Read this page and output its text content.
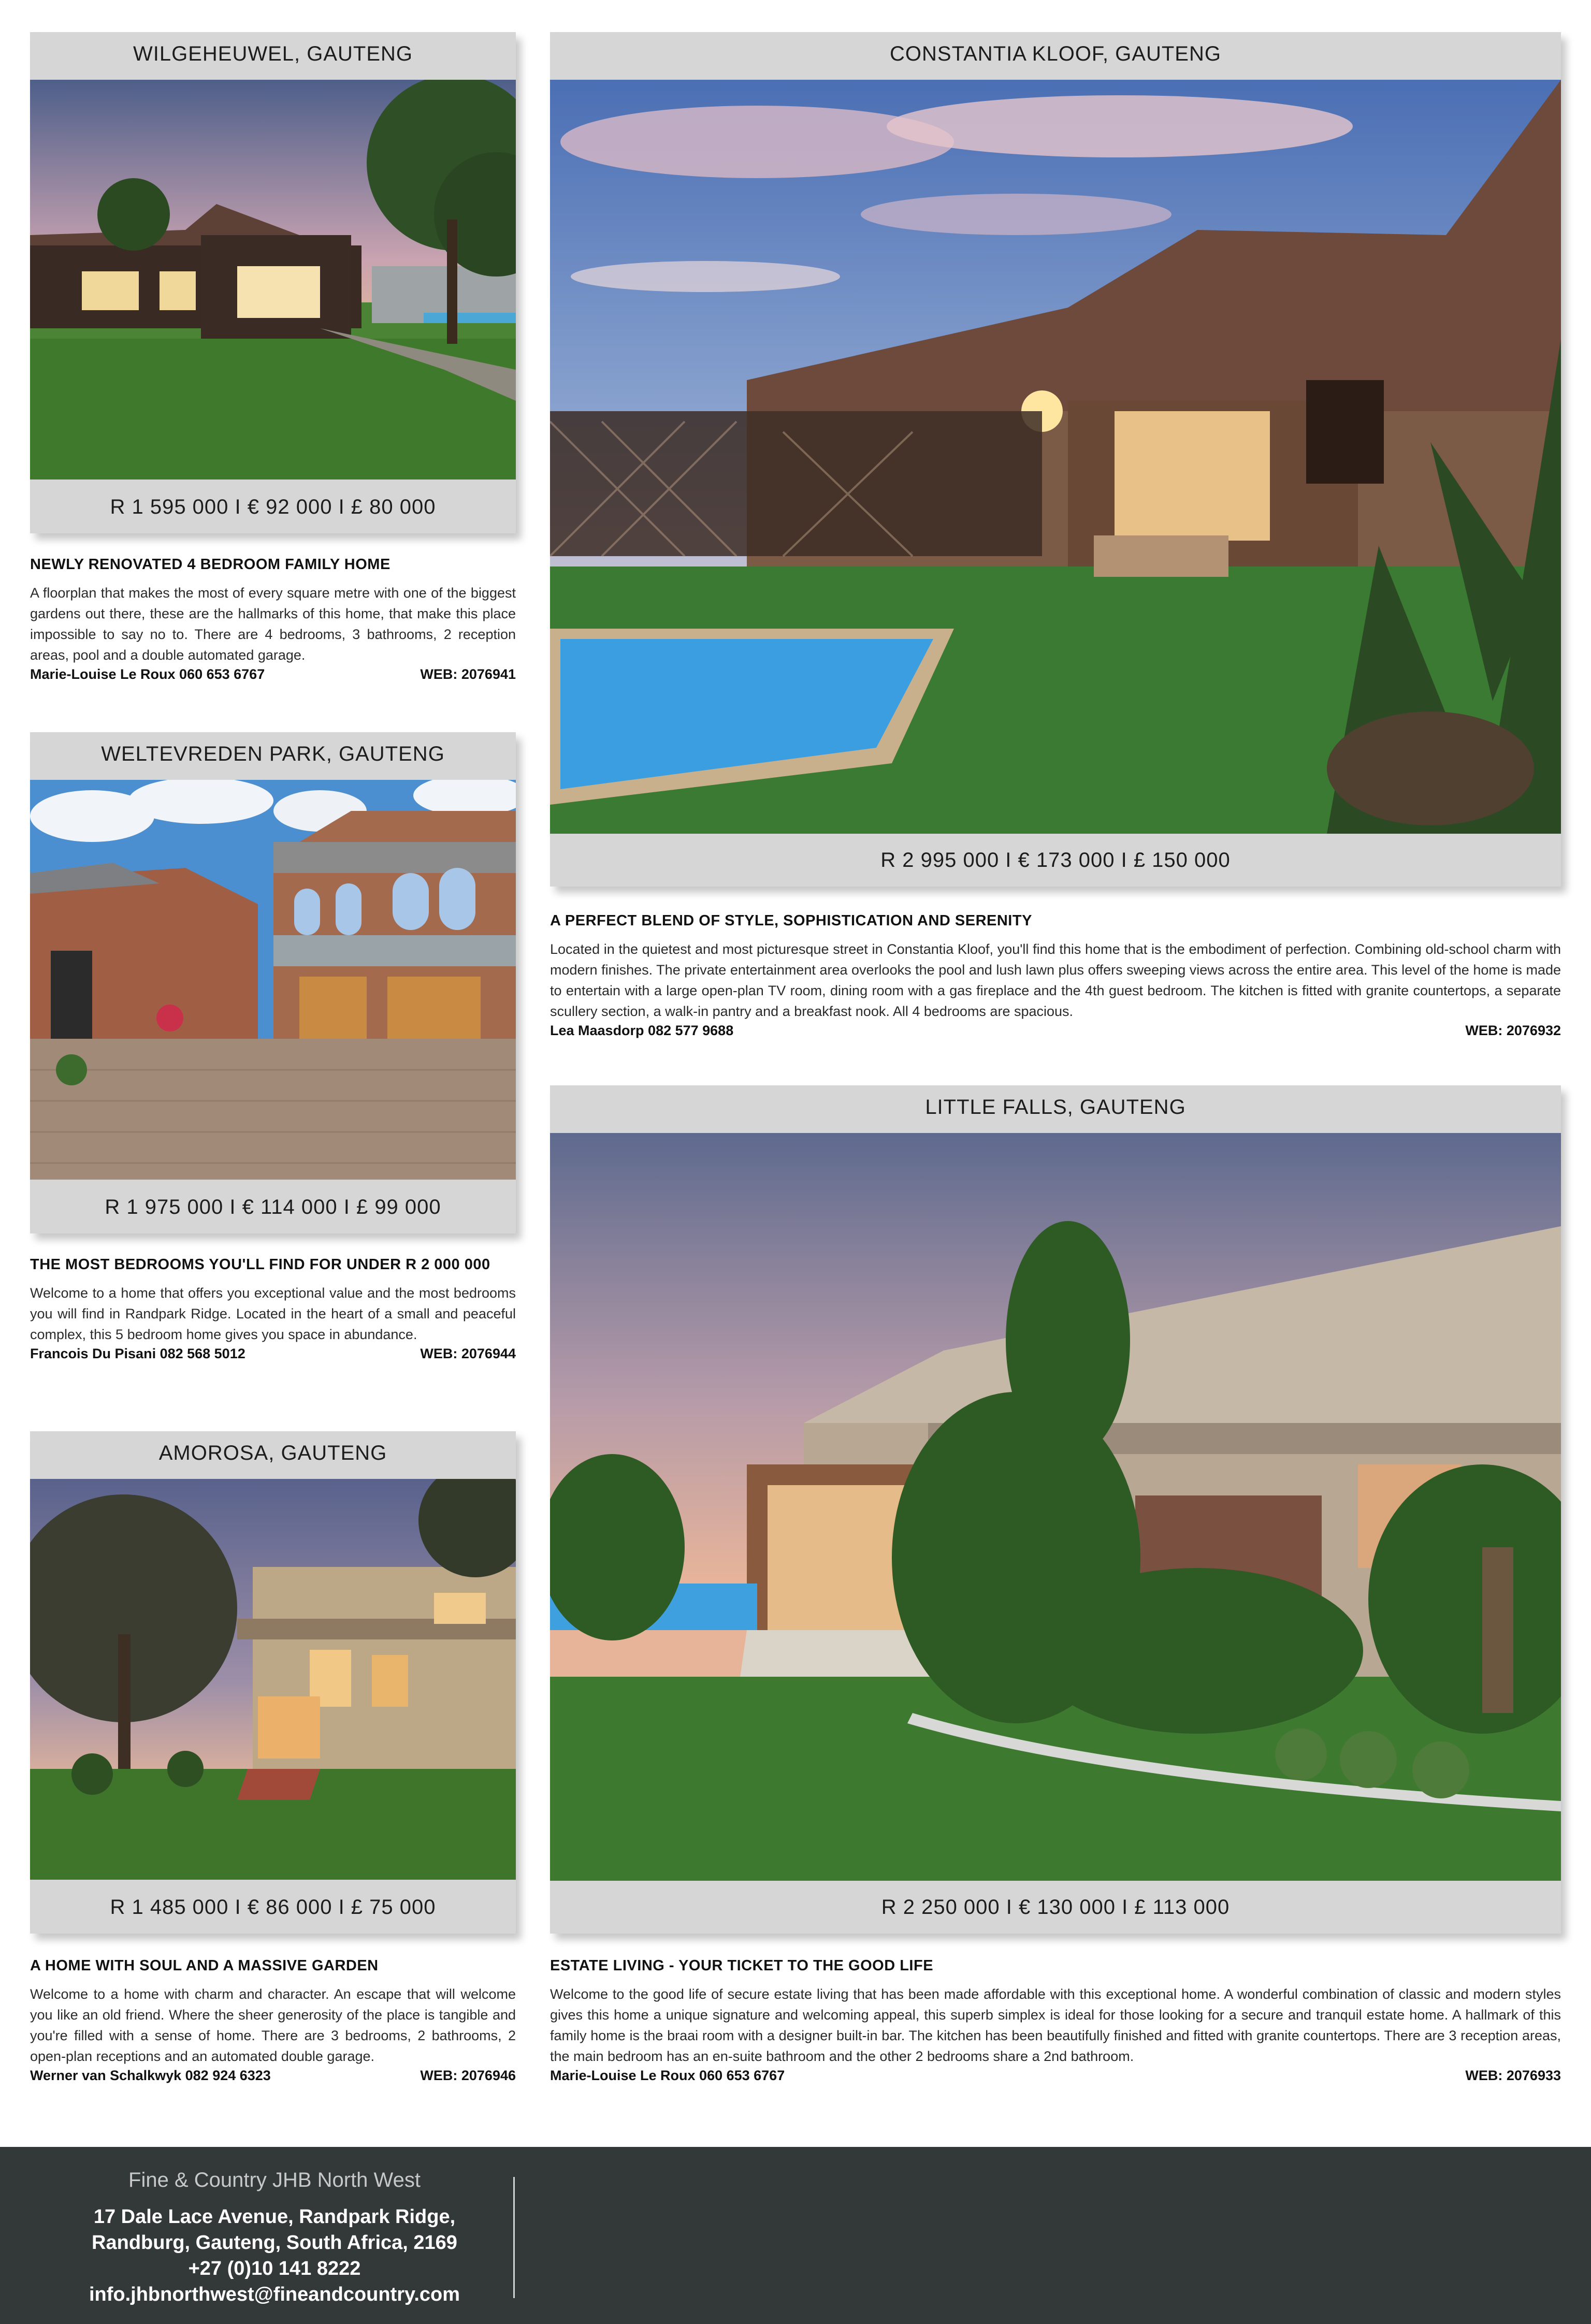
WILGEHEUWEL, GAUTENG
R 1 595 000 I € 92 000 I £ 80 000

NEWLY RENOVATED 4 BEDROOM FAMILY HOME

A floorplan that makes the most of every square metre with one of the biggest gardens out there, these are the hallmarks of this home, that make this place impossible to say no to. There are 4 bedrooms, 3 bathrooms, 2 reception areas, pool and a double automated garage.

Marie-Louise Le Roux 060 653 6767	WEB: 2076941
CONSTANTIA KLOOF, GAUTENG
R 2 995 000 I € 173 000 I £ 150 000

A PERFECT BLEND OF STYLE, SOPHISTICATION AND SERENITY

Located in the quietest and most picturesque street in Constantia Kloof, you'll find this home that is the embodiment of perfection. Combining old-school charm with modern finishes. The private entertainment area overlooks the pool and lush lawn plus offers sweeping views across the entire area. This level of the home is made to entertain with a large open-plan TV room, dining room with a gas fireplace and the 4th guest bedroom. The kitchen is fitted with granite countertops, a separate scullery section, a walk-in pantry and a breakfast nook. All 4 bedrooms are spacious.

Lea Maasdorp 082 577 9688	WEB: 2076932
WELTEVREDEN PARK, GAUTENG
R 1 975 000 I € 114 000 I £ 99 000

THE MOST BEDROOMS YOU'LL FIND FOR UNDER R 2 000 000

Welcome to a home that offers you exceptional value and the most bedrooms you will find in Randpark Ridge. Located in the heart of a small and peaceful complex, this 5 bedroom home gives you space in abundance.

Francois Du Pisani 082 568 5012	WEB: 2076944
LITTLE FALLS, GAUTENG
R 2 250 000 I € 130 000 I £ 113 000

ESTATE LIVING - YOUR TICKET TO THE GOOD LIFE

Welcome to the good life of secure estate living that has been made affordable with this exceptional home. A wonderful combination of classic and modern styles gives this home a unique signature and welcoming appeal, this superb simplex is ideal for those looking for a secure and tranquil estate home. A hallmark of this family home is the braai room with a designer built-in bar. The kitchen has been beautifully finished and fitted with granite countertops. There are 3 reception areas, the main bedroom has an en-suite bathroom and the other 2 bedrooms share a 2nd bathroom.

Marie-Louise Le Roux 060 653 6767	WEB: 2076933
AMOROSA, GAUTENG
R 1 485 000 I € 86 000 I £ 75 000

A HOME WITH SOUL AND A MASSIVE GARDEN

Welcome to a home with charm and character. An escape that will welcome you like an old friend. Where the sheer generosity of the place is tangible and you're filled with a sense of home. There are 3 bedrooms, 2 bathrooms, 2 open-plan receptions and an automated double garage.

Werner van Schalkwyk 082 924 6323	WEB: 2076946
Fine & Country JHB North West
17 Dale Lace Avenue, Randpark Ridge,
Randburg, Gauteng, South Africa, 2169
+27 (0)10 141 8222
info.jhbnorthwest@fineandcountry.com
